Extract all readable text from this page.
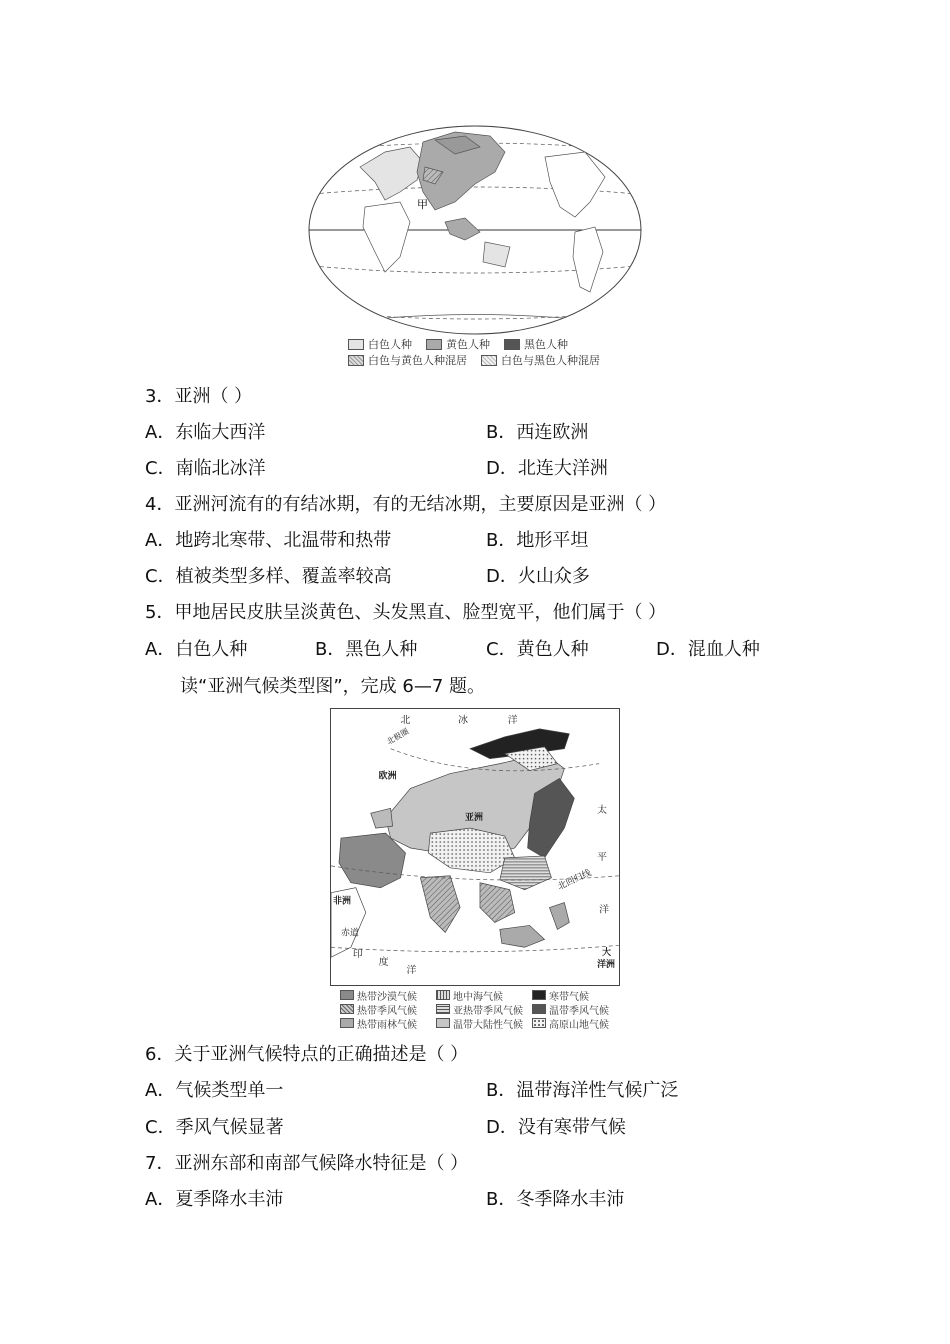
甲
白色人种	黄色人种	黑色人种
白色与黄色人种混居	白色与黑色人种混居
3．亚洲（ ）
A．东临大西洋	B．西连欧洲
C．南临北冰洋	D．北连大洋洲
4．亚洲河流有的有结冰期，有的无结冰期，主要原因是亚洲（ ）
A．地跨北寒带、北温带和热带	B．地形平坦
C．植被类型多样、覆盖率较高	D．火山众多
5．甲地居民皮肤呈淡黄色、头发黑直、脸型宽平，他们属于（ ）
A．白色人种	B．黑色人种	C．黄色人种	D．混血人种
读“亚洲气候类型图”，完成 6—7 题。
北	冰	洋
北极圈
欧洲
亚洲
太
平
洋
北回归线
非洲
赤道
印
度
洋
大
洋洲
热带沙漠气候	地中海气候	寒带气候
热带季风气候	亚热带季风气候	温带季风气候
热带雨林气候	温带大陆性气候	高原山地气候
6．关于亚洲气候特点的正确描述是（ ）
A．气候类型单一	B．温带海洋性气候广泛
C．季风气候显著	D．没有寒带气候
7．亚洲东部和南部气候降水特征是（ ）
A．夏季降水丰沛	B．冬季降水丰沛
